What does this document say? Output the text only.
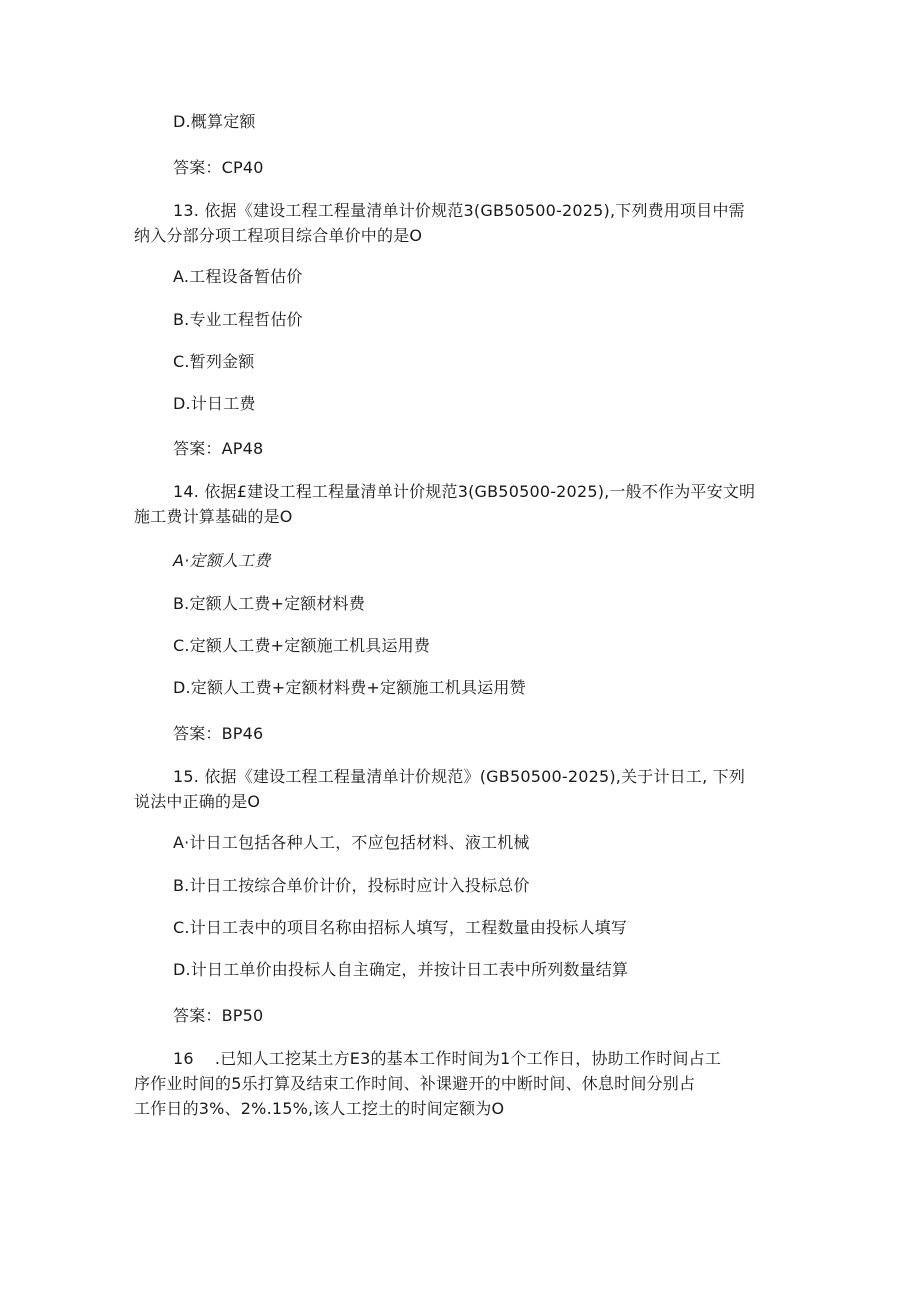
D.概算定额
答案：CP40
13. 依据《建设工程工程量清单计价规范3(GB50500-2025),下列费用项目中需
纳入分部分项工程项目综合单价中的是O
A.工程设备暂估价
B.专业工程哲估价
C.暂列金额
D.计日工费
答案：AP48
14. 依据£建设工程工程量清单计价规范3(GB50500-2025),一般不作为平安文明
施工费计算基础的是O
A·定额人工费
B.定额人工费+定额材料费
C.定额人工费+定额施工机具运用费
D.定额人工费+定额材料费+定额施工机具运用赞
答案：BP46
15. 依据《建设工程工程量清单计价规范》(GB50500-2025),关于计日工, 下列
说法中正确的是O
A·计日工包括各种人工，不应包括材料、液工机械
B.计日工按综合单价计价，投标时应计入投标总价
C.计日工表中的项目名称由招标人填写，工程数量由投标人填写
D.计日工单价由投标人自主确定，并按计日工表中所列数量结算
答案：BP50
16    .已知人工挖某土方E3的基本工作时间为1个工作日，协助工作时间占工
序作业时间的5乐打算及结束工作时间、补课避开的中断时间、休息时间分别占
工作日的3%、2%.15%,该人工挖土的时间定额为O
